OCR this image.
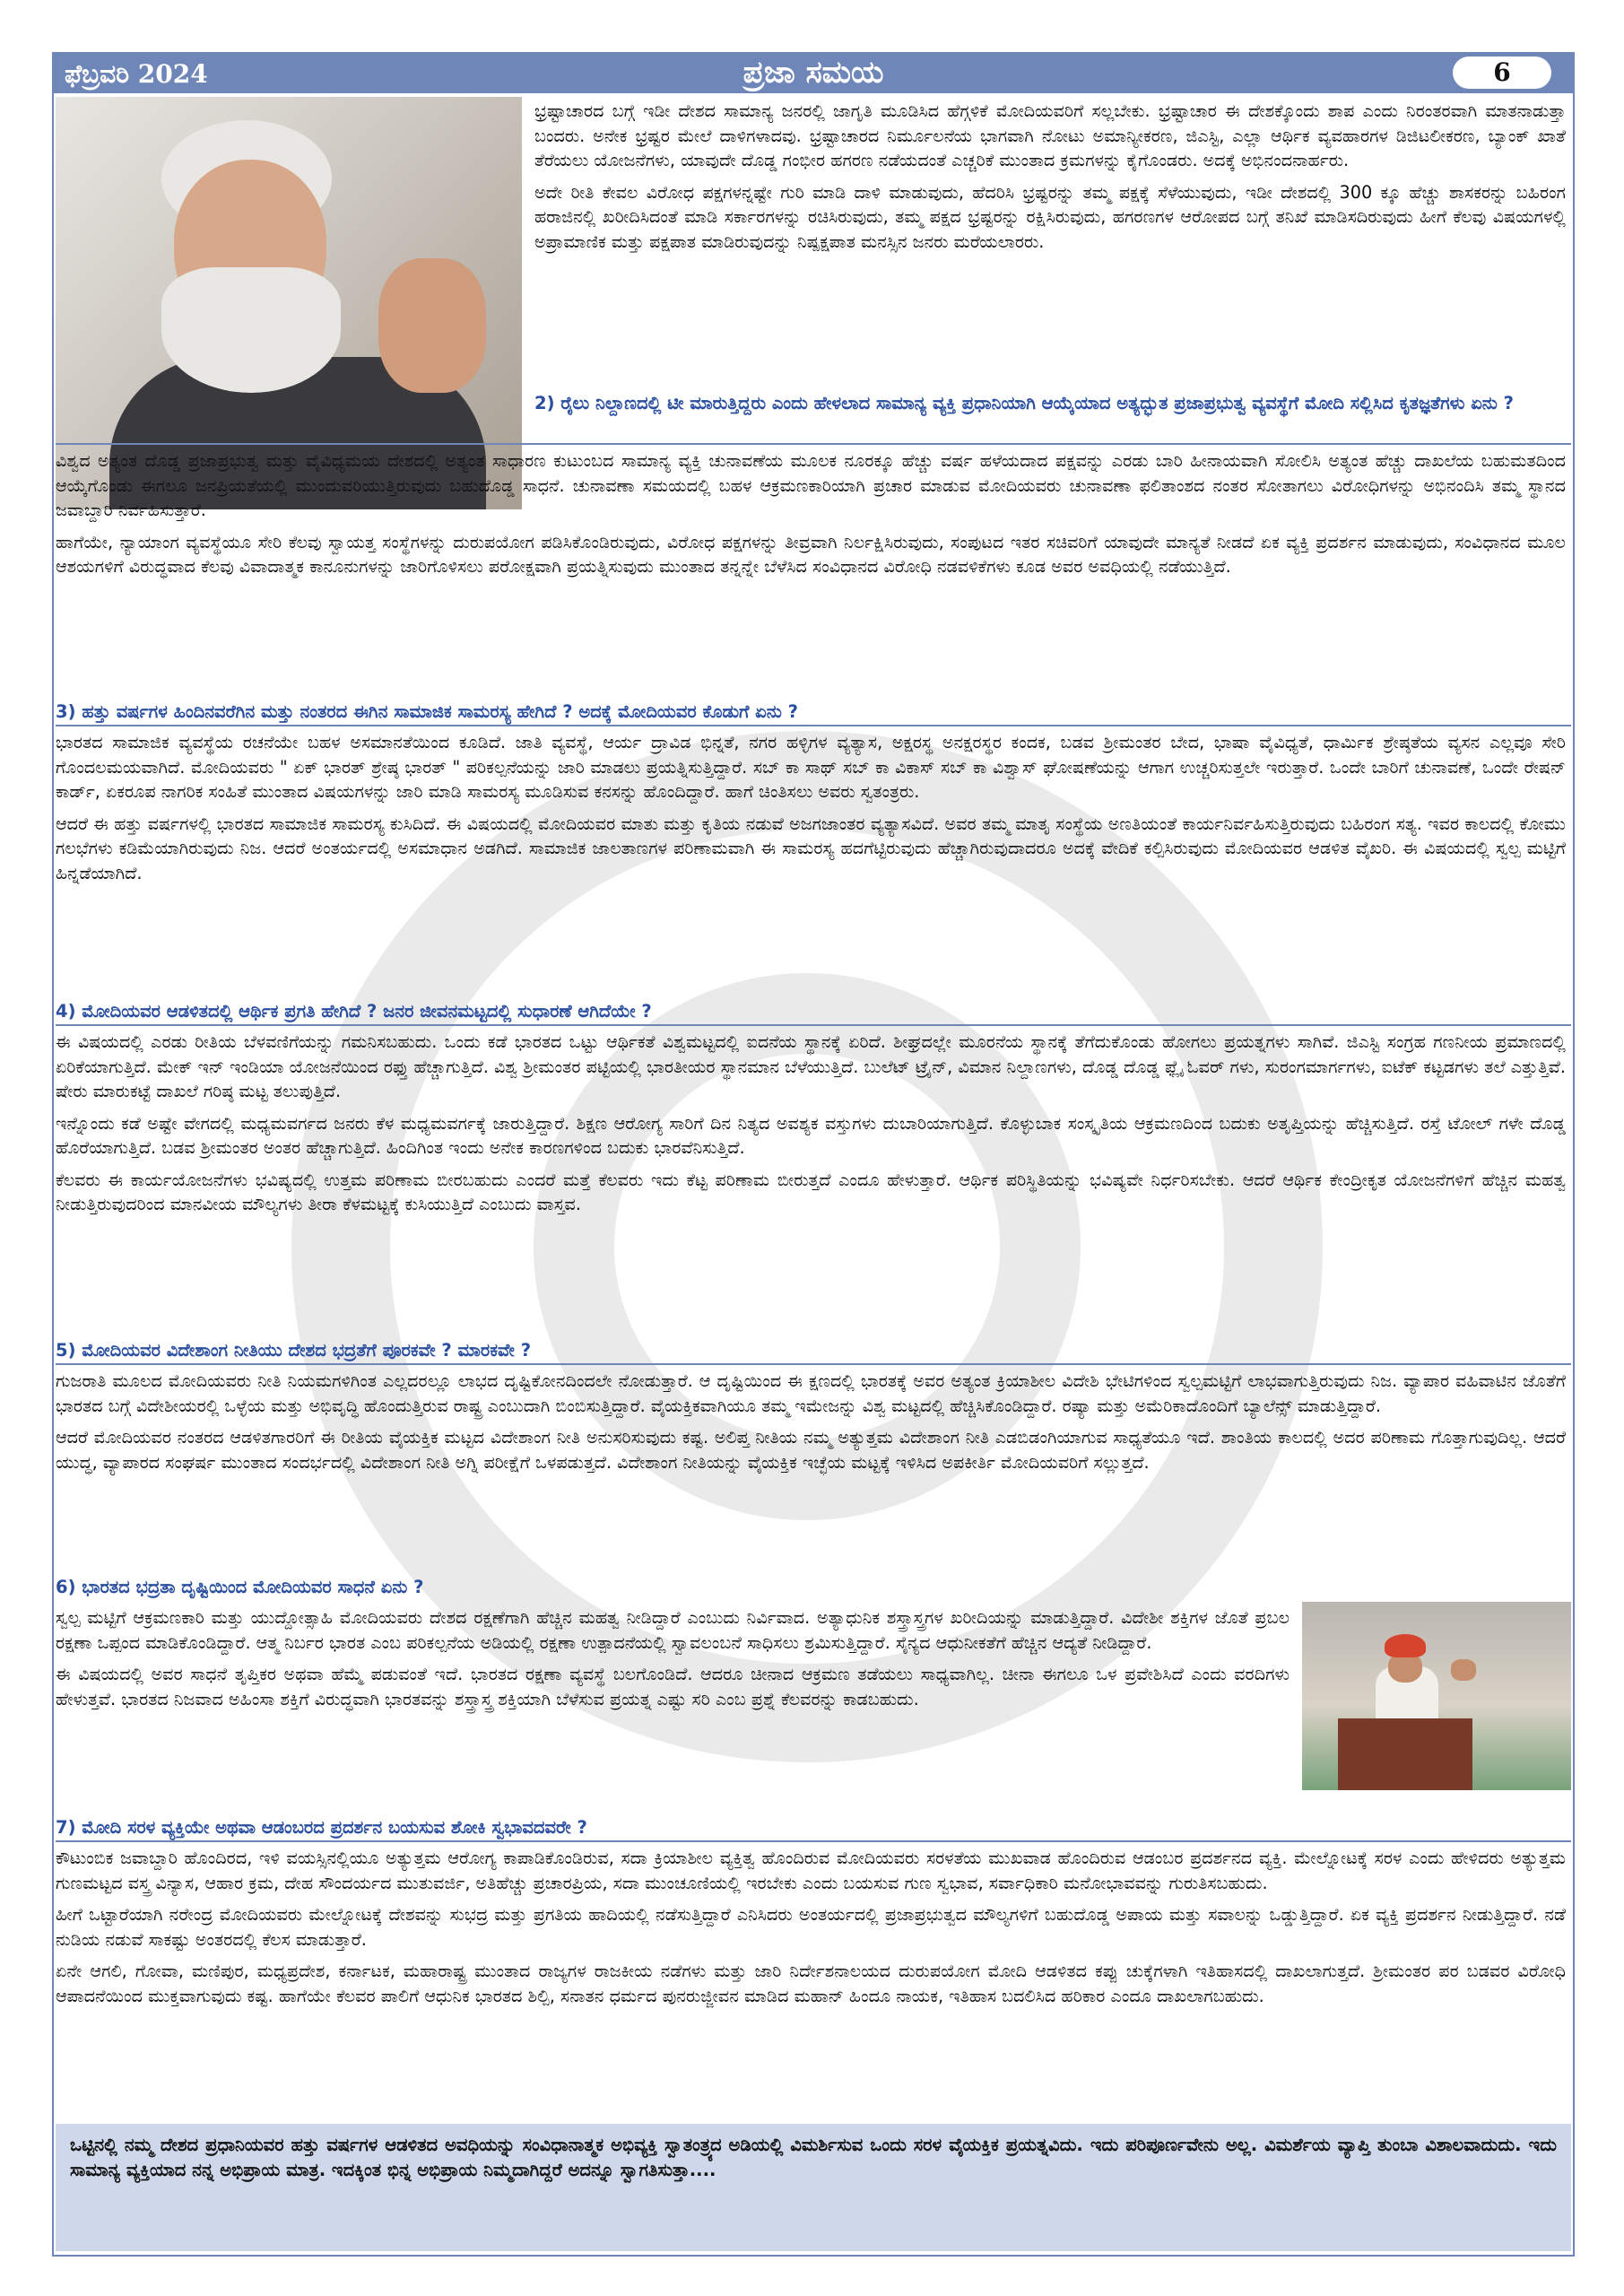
ಫೆಬ್ರವರಿ 2024	ಪ್ರಜಾ ಸಮಯ	6

ಭ್ರಷ್ಟಾಚಾರದ ಬಗ್ಗೆ ಇಡೀ ದೇಶದ ಸಾಮಾನ್ಯ ಜನರಲ್ಲಿ ಜಾಗೃತಿ ಮೂಡಿಸಿದ ಹೆಗ್ಗಳಿಕೆ ಮೋದಿಯವರಿಗೆ ಸಲ್ಲಬೇಕು. ಭ್ರಷ್ಟಾಚಾರ ಈ ದೇಶಕ್ಕೊಂದು ಶಾಪ ಎಂದು ನಿರಂತರವಾಗಿ ಮಾತನಾಡುತ್ತಾ ಬಂದರು. ಅನೇಕ ಭ್ರಷ್ಟರ ಮೇಲೆ ದಾಳಿಗಳಾದವು. ಭ್ರಷ್ಟಾಚಾರದ ನಿರ್ಮೂಲನೆಯ ಭಾಗವಾಗಿ ನೋಟು ಅಮಾನ್ಯೀಕರಣ, ಜಿಎಸ್ಟಿ, ಎಲ್ಲಾ ಆರ್ಥಿಕ ವ್ಯವಹಾರಗಳ ಡಿಜಿಟಲೀಕರಣ, ಬ್ಯಾಂಕ್ ಖಾತೆ ತೆರೆಯಲು ಯೋಜನೆಗಳು, ಯಾವುದೇ ದೊಡ್ಡ ಗಂಭೀರ ಹಗರಣ ನಡೆಯದಂತೆ ಎಚ್ಚರಿಕೆ ಮುಂತಾದ ಕ್ರಮಗಳನ್ನು ಕೈಗೊಂಡರು. ಅದಕ್ಕೆ ಅಭಿನಂದನಾರ್ಹರು.

ಅದೇ ರೀತಿ ಕೇವಲ ವಿರೋಧ ಪಕ್ಷಗಳನ್ನಷ್ಟೇ ಗುರಿ ಮಾಡಿ ದಾಳಿ ಮಾಡುವುದು, ಹೆದರಿಸಿ ಭ್ರಷ್ಟರನ್ನು ತಮ್ಮ ಪಕ್ಷಕ್ಕೆ ಸೆಳೆಯುವುದು, ಇಡೀ ದೇಶದಲ್ಲಿ 300 ಕ್ಕೂ ಹೆಚ್ಚು ಶಾಸಕರನ್ನು ಬಹಿರಂಗ ಹರಾಜಿನಲ್ಲಿ ಖರೀದಿಸಿದಂತೆ ಮಾಡಿ ಸರ್ಕಾರಗಳನ್ನು ರಚಿಸಿರುವುದು, ತಮ್ಮ ಪಕ್ಷದ ಭ್ರಷ್ಟರನ್ನು ರಕ್ಷಿಸಿರುವುದು, ಹಗರಣಗಳ ಆರೋಪದ ಬಗ್ಗೆ ತನಿಖೆ ಮಾಡಿಸದಿರುವುದು ಹೀಗೆ ಕೆಲವು ವಿಷಯಗಳಲ್ಲಿ ಅಪ್ರಾಮಾಣಿಕ ಮತ್ತು ಪಕ್ಷಪಾತ ಮಾಡಿರುವುದನ್ನು ನಿಷ್ಪಕ್ಷಪಾತ ಮನಸ್ಸಿನ ಜನರು ಮರೆಯಲಾರರು.

2) ರೈಲು ನಿಲ್ದಾಣದಲ್ಲಿ ಟೀ ಮಾರುತ್ತಿದ್ದರು ಎಂದು ಹೇಳಲಾದ ಸಾಮಾನ್ಯ ವ್ಯಕ್ತಿ ಪ್ರಧಾನಿಯಾಗಿ ಆಯ್ಕೆಯಾದ ಅತ್ಯದ್ಭುತ ಪ್ರಜಾಪ್ರಭುತ್ವ ವ್ಯವಸ್ಥೆಗೆ ಮೋದಿ ಸಲ್ಲಿಸಿದ ಕೃತಜ್ಞತೆಗಳು ಏನು ?

ವಿಶ್ವದ ಅತ್ಯಂತ ದೊಡ್ಡ ಪ್ರಜಾಪ್ರಭುತ್ವ ಮತ್ತು ವೈವಿಧ್ಯಮಯ ದೇಶದಲ್ಲಿ ಅತ್ಯಂತ ಸಾಧಾರಣ ಕುಟುಂಬದ ಸಾಮಾನ್ಯ ವ್ಯಕ್ತಿ ಚುನಾವಣೆಯ ಮೂಲಕ ನೂರಕ್ಕೂ ಹೆಚ್ಚು ವರ್ಷ ಹಳೆಯದಾದ ಪಕ್ಷವನ್ನು ಎರಡು ಬಾರಿ ಹೀನಾಯವಾಗಿ ಸೋಲಿಸಿ ಅತ್ಯಂತ ಹೆಚ್ಚು ದಾಖಲೆಯ ಬಹುಮತದಿಂದ ಆಯ್ಕೆಗೊಂಡು ಈಗಲೂ ಜನಪ್ರಿಯತೆಯಲ್ಲಿ ಮುಂದುವರಿಯುತ್ತಿರುವುದು ಬಹುದೊಡ್ಡ ಸಾಧನೆ. ಚುನಾವಣಾ ಸಮಯದಲ್ಲಿ ಬಹಳ ಆಕ್ರಮಣಕಾರಿಯಾಗಿ ಪ್ರಚಾರ ಮಾಡುವ ಮೋದಿಯವರು ಚುನಾವಣಾ ಫಲಿತಾಂಶದ ನಂತರ ಸೋತಾಗಲು ವಿರೋಧಿಗಳನ್ನು ಅಭಿನಂದಿಸಿ ತಮ್ಮ ಸ್ಥಾನದ ಜವಾಬ್ದಾರಿ ನಿರ್ವಹಿಸುತ್ತಾರೆ.

ಹಾಗೆಯೇ, ನ್ಯಾಯಾಂಗ ವ್ಯವಸ್ಥೆಯೂ ಸೇರಿ ಕೆಲವು ಸ್ವಾಯತ್ತ ಸಂಸ್ಥೆಗಳನ್ನು ದುರುಪಯೋಗ ಪಡಿಸಿಕೊಂಡಿರುವುದು, ವಿರೋಧ ಪಕ್ಷಗಳನ್ನು ತೀವ್ರವಾಗಿ ನಿರ್ಲಕ್ಷಿಸಿರುವುದು, ಸಂಪುಟದ ಇತರ ಸಚಿವರಿಗೆ ಯಾವುದೇ ಮಾನ್ಯತೆ ನೀಡದೆ ಏಕ ವ್ಯಕ್ತಿ ಪ್ರದರ್ಶನ ಮಾಡುವುದು, ಸಂವಿಧಾನದ ಮೂಲ ಆಶಯಗಳಿಗೆ ವಿರುದ್ಧವಾದ ಕೆಲವು ವಿವಾದಾತ್ಮಕ ಕಾನೂನುಗಳನ್ನು ಜಾರಿಗೊಳಿಸಲು ಪರೋಕ್ಷವಾಗಿ ಪ್ರಯತ್ನಿಸುವುದು ಮುಂತಾದ ತನ್ನನ್ನೇ ಬೆಳೆಸಿದ ಸಂವಿಧಾನದ ವಿರೋಧಿ ನಡವಳಿಕೆಗಳು ಕೂಡ ಅವರ ಅವಧಿಯಲ್ಲಿ ನಡೆಯುತ್ತಿದೆ.

3) ಹತ್ತು ವರ್ಷಗಳ ಹಿಂದಿನವರೆಗಿನ ಮತ್ತು ನಂತರದ ಈಗಿನ ಸಾಮಾಜಿಕ ಸಾಮರಸ್ಯ ಹೇಗಿದೆ ? ಅದಕ್ಕೆ ಮೋದಿಯವರ ಕೊಡುಗೆ ಏನು ?

ಭಾರತದ ಸಾಮಾಜಿಕ ವ್ಯವಸ್ಥೆಯ ರಚನೆಯೇ ಬಹಳ ಅಸಮಾನತೆಯಿಂದ ಕೂಡಿದೆ. ಜಾತಿ ವ್ಯವಸ್ಥೆ, ಆರ್ಯ ದ್ರಾವಿಡ ಭಿನ್ನತೆ, ನಗರ ಹಳ್ಳಿಗಳ ವ್ಯತ್ಯಾಸ, ಅಕ್ಷರಸ್ಥ ಅನಕ್ಷರಸ್ಥರ ಕಂದಕ, ಬಡವ ಶ್ರೀಮಂತರ ಬೇದ, ಭಾಷಾ ವೈವಿಧ್ಯತೆ, ಧಾರ್ಮಿಕ ಶ್ರೇಷ್ಠತೆಯ ವ್ಯಸನ ಎಲ್ಲವೂ ಸೇರಿ ಗೊಂದಲಮಯವಾಗಿದೆ. ಮೋದಿಯವರು " ಏಕ್ ಭಾರತ್ ಶ್ರೇಷ್ಠ ಭಾರತ್ " ಪರಿಕಲ್ಪನೆಯನ್ನು ಜಾರಿ ಮಾಡಲು ಪ್ರಯತ್ನಿಸುತ್ತಿದ್ದಾರೆ. ಸಬ್ ಕಾ ಸಾಥ್ ಸಬ್ ಕಾ ವಿಕಾಸ್ ಸಬ್ ಕಾ ವಿಶ್ವಾಸ್ ಘೋಷಣೆಯನ್ನು ಆಗಾಗ ಉಚ್ಚರಿಸುತ್ತಲೇ ಇರುತ್ತಾರೆ. ಒಂದೇ ಬಾರಿಗೆ ಚುನಾವಣೆ, ಒಂದೇ ರೇಷನ್ ಕಾರ್ಡ್, ಏಕರೂಪ ನಾಗರಿಕ ಸಂಹಿತೆ ಮುಂತಾದ ವಿಷಯಗಳನ್ನು ಜಾರಿ ಮಾಡಿ ಸಾಮರಸ್ಯ ಮೂಡಿಸುವ ಕನಸನ್ನು ಹೊಂದಿದ್ದಾರೆ. ಹಾಗೆ ಚಿಂತಿಸಲು ಅವರು ಸ್ವತಂತ್ರರು.

ಆದರೆ ಈ ಹತ್ತು ವರ್ಷಗಳಲ್ಲಿ ಭಾರತದ ಸಾಮಾಜಿಕ ಸಾಮರಸ್ಯ ಕುಸಿದಿದೆ. ಈ ವಿಷಯದಲ್ಲಿ ಮೋದಿಯವರ ಮಾತು ಮತ್ತು ಕೃತಿಯ ನಡುವೆ ಅಜಗಜಾಂತರ ವ್ಯತ್ಯಾಸವಿದೆ. ಅವರ ತಮ್ಮ ಮಾತೃ ಸಂಸ್ಥೆಯ ಅಣತಿಯಂತೆ ಕಾರ್ಯನಿರ್ವಹಿಸುತ್ತಿರುವುದು ಬಹಿರಂಗ ಸತ್ಯ. ಇವರ ಕಾಲದಲ್ಲಿ ಕೋಮು ಗಲಭೆಗಳು ಕಡಿಮೆಯಾಗಿರುವುದು ನಿಜ. ಆದರೆ ಅಂತರ್ಯದಲ್ಲಿ ಅಸಮಾಧಾನ ಅಡಗಿದೆ. ಸಾಮಾಜಿಕ ಜಾಲತಾಣಗಳ ಪರಿಣಾಮವಾಗಿ ಈ ಸಾಮರಸ್ಯ ಹದಗೆಟ್ಟಿರುವುದು ಹೆಚ್ಚಾಗಿರುವುದಾದರೂ ಅದಕ್ಕೆ ವೇದಿಕೆ ಕಲ್ಪಿಸಿರುವುದು ಮೋದಿಯವರ ಆಡಳಿತ ವೈಖರಿ. ಈ ವಿಷಯದಲ್ಲಿ ಸ್ವಲ್ಪ ಮಟ್ಟಿಗೆ ಹಿನ್ನಡೆಯಾಗಿದೆ.

4) ಮೋದಿಯವರ ಆಡಳಿತದಲ್ಲಿ ಆರ್ಥಿಕ ಪ್ರಗತಿ ಹೇಗಿದೆ ? ಜನರ ಜೀವನಮಟ್ಟದಲ್ಲಿ ಸುಧಾರಣೆ ಆಗಿದೆಯೇ ?

ಈ ವಿಷಯದಲ್ಲಿ ಎರಡು ರೀತಿಯ ಬೆಳವಣಿಗೆಯನ್ನು ಗಮನಿಸಬಹುದು. ಒಂದು ಕಡೆ ಭಾರತದ ಒಟ್ಟು ಆರ್ಥಿಕತೆ ವಿಶ್ವಮಟ್ಟದಲ್ಲಿ ಐದನೆಯ ಸ್ಥಾನಕ್ಕೆ ಏರಿದೆ. ಶೀಘ್ರದಲ್ಲೇ ಮೂರನೆಯ ಸ್ಥಾನಕ್ಕೆ ತೆಗೆದುಕೊಂಡು ಹೋಗಲು ಪ್ರಯತ್ನಗಳು ಸಾಗಿವೆ. ಜಿಎಸ್ಟಿ ಸಂಗ್ರಹ ಗಣನೀಯ ಪ್ರಮಾಣದಲ್ಲಿ ಏರಿಕೆಯಾಗುತ್ತಿದೆ. ಮೇಕ್ ಇನ್ ಇಂಡಿಯಾ ಯೋಜನೆಯಿಂದ ರಫ್ತು ಹೆಚ್ಚಾಗುತ್ತಿದೆ. ವಿಶ್ವ ಶ್ರೀಮಂತರ ಪಟ್ಟಿಯಲ್ಲಿ ಭಾರತೀಯರ ಸ್ಥಾನಮಾನ ಬೆಳೆಯುತ್ತಿದೆ. ಬುಲೆಟ್ ಟ್ರೈನ್, ವಿಮಾನ ನಿಲ್ದಾಣಗಳು, ದೊಡ್ಡ ದೊಡ್ಡ ಫ್ಲೈ ಓವರ್ ಗಳು, ಸುರಂಗಮಾರ್ಗಗಳು, ಐಟೆಕ್ ಕಟ್ಟಡಗಳು ತಲೆ ಎತ್ತುತ್ತಿವೆ. ಷೇರು ಮಾರುಕಟ್ಟೆ ದಾಖಲೆ ಗರಿಷ್ಠ ಮಟ್ಟ ತಲುಪುತ್ತಿದೆ.

ಇನ್ನೊಂದು ಕಡೆ ಅಷ್ಟೇ ವೇಗದಲ್ಲಿ ಮಧ್ಯಮವರ್ಗದ ಜನರು ಕೆಳ ಮಧ್ಯಮವರ್ಗಕ್ಕೆ ಜಾರುತ್ತಿದ್ದಾರೆ. ಶಿಕ್ಷಣ ಆರೋಗ್ಯ ಸಾರಿಗೆ ದಿನ ನಿತ್ಯದ ಅವಶ್ಯಕ ವಸ್ತುಗಳು ದುಬಾರಿಯಾಗುತ್ತಿದೆ. ಕೊಳ್ಳುಬಾಕ ಸಂಸ್ಕೃತಿಯ ಆಕ್ರಮಣದಿಂದ ಬದುಕು ಅತೃಪ್ತಿಯನ್ನು ಹೆಚ್ಚಿಸುತ್ತಿದೆ. ರಸ್ತೆ ಟೋಲ್ ಗಳೇ ದೊಡ್ಡ ಹೊರೆಯಾಗುತ್ತಿದೆ. ಬಡವ ಶ್ರೀಮಂತರ ಅಂತರ ಹೆಚ್ಚಾಗುತ್ತಿದೆ. ಹಿಂದಿಗಿಂತ ಇಂದು ಅನೇಕ ಕಾರಣಗಳಿಂದ ಬದುಕು ಭಾರವೆನಿಸುತ್ತಿದೆ.

ಕೆಲವರು ಈ ಕಾರ್ಯಯೋಜನೆಗಳು ಭವಿಷ್ಯದಲ್ಲಿ ಉತ್ತಮ ಪರಿಣಾಮ ಬೀರಬಹುದು ಎಂದರೆ ಮತ್ತೆ ಕೆಲವರು ಇದು ಕೆಟ್ಟ ಪರಿಣಾಮ ಬೀರುತ್ತದೆ ಎಂದೂ ಹೇಳುತ್ತಾರೆ. ಆರ್ಥಿಕ ಪರಿಸ್ಥಿತಿಯನ್ನು ಭವಿಷ್ಯವೇ ನಿರ್ಧರಿಸಬೇಕು. ಆದರೆ ಆರ್ಥಿಕ ಕೇಂದ್ರೀಕೃತ ಯೋಜನೆಗಳಿಗೆ ಹೆಚ್ಚಿನ ಮಹತ್ವ ನೀಡುತ್ತಿರುವುದರಿಂದ ಮಾನವೀಯ ಮೌಲ್ಯಗಳು ತೀರಾ ಕೆಳಮಟ್ಟಕ್ಕೆ ಕುಸಿಯುತ್ತಿದೆ ಎಂಬುದು ವಾಸ್ತವ.

5) ಮೋದಿಯವರ ವಿದೇಶಾಂಗ ನೀತಿಯು ದೇಶದ ಭದ್ರತೆಗೆ ಪೂರಕವೇ ? ಮಾರಕವೇ ?

ಗುಜರಾತಿ ಮೂಲದ ಮೋದಿಯವರು ನೀತಿ ನಿಯಮಗಳಿಗಿಂತ ಎಲ್ಲದರಲ್ಲೂ ಲಾಭದ ದೃಷ್ಟಿಕೋನದಿಂದಲೇ ನೋಡುತ್ತಾರೆ. ಆ ದೃಷ್ಟಿಯಿಂದ ಈ ಕ್ಷಣದಲ್ಲಿ ಭಾರತಕ್ಕೆ ಅವರ ಅತ್ಯಂತ ಕ್ರಿಯಾಶೀಲ ವಿದೇಶಿ ಭೇಟಿಗಳಿಂದ ಸ್ವಲ್ಪಮಟ್ಟಿಗೆ ಲಾಭವಾಗುತ್ತಿರುವುದು ನಿಜ. ವ್ಯಾಪಾರ ವಹಿವಾಟಿನ ಜೊತೆಗೆ ಭಾರತದ ಬಗ್ಗೆ ವಿದೇಶೀಯರಲ್ಲಿ ಒಳ್ಳೆಯ ಮತ್ತು ಅಭಿವೃದ್ಧಿ ಹೊಂದುತ್ತಿರುವ ರಾಷ್ಟ್ರ ಎಂಬುದಾಗಿ ಬಿಂಬಿಸುತ್ತಿದ್ದಾರೆ. ವೈಯಕ್ತಿಕವಾಗಿಯೂ ತಮ್ಮ ಇಮೇಜನ್ನು ವಿಶ್ವ ಮಟ್ಟದಲ್ಲಿ ಹೆಚ್ಚಿಸಿಕೊಂಡಿದ್ದಾರೆ. ರಷ್ಯಾ ಮತ್ತು ಅಮೆರಿಕಾದೊಂದಿಗೆ ಬ್ಯಾಲೆನ್ಸ್ ಮಾಡುತ್ತಿದ್ದಾರೆ.

ಆದರೆ ಮೋದಿಯವರ ನಂತರದ ಆಡಳಿತಗಾರರಿಗೆ ಈ ರೀತಿಯ ವೈಯಕ್ತಿಕ ಮಟ್ಟದ ವಿದೇಶಾಂಗ ನೀತಿ ಅನುಸರಿಸುವುದು ಕಷ್ಟ. ಅಲಿಪ್ತ ನೀತಿಯ ನಮ್ಮ ಅತ್ಯುತ್ತಮ ವಿದೇಶಾಂಗ ನೀತಿ ಎಡಬಿಡಂಗಿಯಾಗುವ ಸಾಧ್ಯತೆಯೂ ಇದೆ. ಶಾಂತಿಯ ಕಾಲದಲ್ಲಿ ಅದರ ಪರಿಣಾಮ ಗೊತ್ತಾಗುವುದಿಲ್ಲ. ಆದರೆ ಯುದ್ಧ, ವ್ಯಾಪಾರದ ಸಂಘರ್ಷ ಮುಂತಾದ ಸಂದರ್ಭದಲ್ಲಿ ವಿದೇಶಾಂಗ ನೀತಿ ಅಗ್ನಿ ಪರೀಕ್ಷೆಗೆ ಒಳಪಡುತ್ತದೆ. ವಿದೇಶಾಂಗ ನೀತಿಯನ್ನು ವೈಯಕ್ತಿಕ ಇಚ್ಛೆಯ ಮಟ್ಟಕ್ಕೆ ಇಳಿಸಿದ ಅಪಕೀರ್ತಿ ಮೋದಿಯವರಿಗೆ ಸಲ್ಲುತ್ತದೆ.

6) ಭಾರತದ ಭದ್ರತಾ ದೃಷ್ಟಿಯಿಂದ ಮೋದಿಯವರ ಸಾಧನೆ ಏನು ?

ಸ್ವಲ್ಪ ಮಟ್ಟಿಗೆ ಆಕ್ರಮಣಕಾರಿ ಮತ್ತು ಯುದ್ದೋತ್ಸಾಹಿ ಮೋದಿಯವರು ದೇಶದ ರಕ್ಷಣೆಗಾಗಿ ಹೆಚ್ಚಿನ ಮಹತ್ವ ನೀಡಿದ್ದಾರೆ ಎಂಬುದು ನಿರ್ವಿವಾದ. ಅತ್ಯಾಧುನಿಕ ಶಸ್ತ್ರಾಸ್ತ್ರಗಳ ಖರೀದಿಯನ್ನು ಮಾಡುತ್ತಿದ್ದಾರೆ. ವಿದೇಶೀ ಶಕ್ತಿಗಳ ಜೊತೆ ಪ್ರಬಲ ರಕ್ಷಣಾ ಒಪ್ಪಂದ ಮಾಡಿಕೊಂಡಿದ್ದಾರೆ. ಆತ್ಮ ನಿರ್ಬರ ಭಾರತ ಎಂಬ ಪರಿಕಲ್ಪನೆಯ ಅಡಿಯಲ್ಲಿ ರಕ್ಷಣಾ ಉತ್ಪಾದನೆಯಲ್ಲಿ ಸ್ವಾವಲಂಬನೆ ಸಾಧಿಸಲು ಶ್ರಮಿಸುತ್ತಿದ್ದಾರೆ. ಸೈನ್ಯದ ಆಧುನೀಕತೆಗೆ ಹೆಚ್ಚಿನ ಆದ್ಯತೆ ನೀಡಿದ್ದಾರೆ.

ಈ ವಿಷಯದಲ್ಲಿ ಅವರ ಸಾಧನೆ ತೃಪ್ತಿಕರ ಅಥವಾ ಹೆಮ್ಮೆ ಪಡುವಂತೆ ಇದೆ. ಭಾರತದ ರಕ್ಷಣಾ ವ್ಯವಸ್ಥೆ ಬಲಗೊಂಡಿದೆ. ಆದರೂ ಚೀನಾದ ಆಕ್ರಮಣ ತಡೆಯಲು ಸಾಧ್ಯವಾಗಿಲ್ಲ. ಚೀನಾ ಈಗಲೂ ಒಳ ಪ್ರವೇಶಿಸಿದೆ ಎಂದು ವರದಿಗಳು ಹೇಳುತ್ತವೆ. ಭಾರತದ ನಿಜವಾದ ಅಹಿಂಸಾ ಶಕ್ತಿಗೆ ವಿರುದ್ಧವಾಗಿ ಭಾರತವನ್ನು ಶಸ್ತ್ರಾಸ್ತ್ರ ಶಕ್ತಿಯಾಗಿ ಬೆಳೆಸುವ ಪ್ರಯತ್ನ ಎಷ್ಟು ಸರಿ ಎಂಬ ಪ್ರಶ್ನೆ ಕೆಲವರನ್ನು ಕಾಡಬಹುದು.

7) ಮೋದಿ ಸರಳ ವ್ಯಕ್ತಿಯೇ ಅಥವಾ ಆಡಂಬರದ ಪ್ರದರ್ಶನ ಬಯಸುವ ಶೋಕಿ ಸ್ವಭಾವದವರೇ ?

ಕೌಟುಂಬಿಕ ಜವಾಬ್ದಾರಿ ಹೊಂದಿರದ, ಇಳಿ ವಯಸ್ಸಿನಲ್ಲಿಯೂ ಅತ್ಯುತ್ತಮ ಆರೋಗ್ಯ ಕಾಪಾಡಿಕೊಂಡಿರುವ, ಸದಾ ಕ್ರಿಯಾಶೀಲ ವ್ಯಕ್ತಿತ್ವ ಹೊಂದಿರುವ ಮೋದಿಯವರು ಸರಳತೆಯ ಮುಖವಾಡ ಹೊಂದಿರುವ ಆಡಂಬರ ಪ್ರದರ್ಶನದ ವ್ಯಕ್ತಿ. ಮೇಲ್ನೋಟಕ್ಕೆ ಸರಳ ಎಂದು ಹೇಳಿದರು ಅತ್ಯುತ್ತಮ ಗುಣಮಟ್ಟದ ವಸ್ತ್ರ ವಿನ್ಯಾಸ, ಆಹಾರ ಕ್ರಮ, ದೇಹ ಸೌಂದರ್ಯದ ಮುತುವರ್ಜಿ, ಅತಿಹೆಚ್ಚು ಪ್ರಚಾರಪ್ರಿಯ, ಸದಾ ಮುಂಚೂಣಿಯಲ್ಲಿ ಇರಬೇಕು ಎಂದು ಬಯಸುವ ಗುಣ ಸ್ವಭಾವ, ಸರ್ವಾಧಿಕಾರಿ ಮನೋಭಾವವನ್ನು ಗುರುತಿಸಬಹುದು.

ಹೀಗೆ ಒಟ್ಟಾರೆಯಾಗಿ ನರೇಂದ್ರ ಮೋದಿಯವರು ಮೇಲ್ನೋಟಕ್ಕೆ ದೇಶವನ್ನು ಸುಭದ್ರ ಮತ್ತು ಪ್ರಗತಿಯ ಹಾದಿಯಲ್ಲಿ ನಡೆಸುತ್ತಿದ್ದಾರೆ ಎನಿಸಿದರು ಅಂತರ್ಯದಲ್ಲಿ ಪ್ರಜಾಪ್ರಭುತ್ವದ ಮೌಲ್ಯಗಳಿಗೆ ಬಹುದೊಡ್ಡ ಅಪಾಯ ಮತ್ತು ಸವಾಲನ್ನು ಒಡ್ಡುತ್ತಿದ್ದಾರೆ. ಏಕ ವ್ಯಕ್ತಿ ಪ್ರದರ್ಶನ ನೀಡುತ್ತಿದ್ದಾರೆ. ನಡೆ ನುಡಿಯ ನಡುವೆ ಸಾಕಷ್ಟು ಅಂತರದಲ್ಲಿ ಕೆಲಸ ಮಾಡುತ್ತಾರೆ.

ಏನೇ ಆಗಲಿ, ಗೋವಾ, ಮಣಿಪುರ, ಮಧ್ಯಪ್ರದೇಶ, ಕರ್ನಾಟಕ, ಮಹಾರಾಷ್ಟ್ರ ಮುಂತಾದ ರಾಜ್ಯಗಳ ರಾಜಕೀಯ ನಡೆಗಳು ಮತ್ತು ಜಾರಿ ನಿರ್ದೇಶನಾಲಯದ ದುರುಪಯೋಗ ಮೋದಿ ಆಡಳಿತದ ಕಪ್ಪು ಚುಕ್ಕೆಗಳಾಗಿ ಇತಿಹಾಸದಲ್ಲಿ ದಾಖಲಾಗುತ್ತದೆ. ಶ್ರೀಮಂತರ ಪರ ಬಡವರ ವಿರೋಧಿ ಆಪಾದನೆಯಿಂದ ಮುಕ್ತವಾಗುವುದು ಕಷ್ಟ. ಹಾಗೆಯೇ ಕೆಲವರ ಪಾಲಿಗೆ ಆಧುನಿಕ ಭಾರತದ ಶಿಲ್ಪಿ, ಸನಾತನ ಧರ್ಮದ ಪುನರುಜ್ಜೀವನ ಮಾಡಿದ ಮಹಾನ್ ಹಿಂದೂ ನಾಯಕ, ಇತಿಹಾಸ ಬದಲಿಸಿದ ಹರಿಕಾರ ಎಂದೂ ದಾಖಲಾಗಬಹುದು.

ಒಟ್ಟಿನಲ್ಲಿ ನಮ್ಮ ದೇಶದ ಪ್ರಧಾನಿಯವರ ಹತ್ತು ವರ್ಷಗಳ ಆಡಳಿತದ ಅವಧಿಯನ್ನು ಸಂವಿಧಾನಾತ್ಮಕ ಅಭಿವ್ಯಕ್ತಿ ಸ್ವಾತಂತ್ರ್ಯದ ಅಡಿಯಲ್ಲಿ ವಿಮರ್ಶಿಸುವ ಒಂದು ಸರಳ ವೈಯಕ್ತಿಕ ಪ್ರಯತ್ನವಿದು. ಇದು ಪರಿಪೂರ್ಣವೇನು ಅಲ್ಲ. ವಿಮರ್ಶೆಯ ವ್ಯಾಪ್ತಿ ತುಂಬಾ ವಿಶಾಲವಾದುದು. ಇದು ಸಾಮಾನ್ಯ ವ್ಯಕ್ತಿಯಾದ ನನ್ನ ಅಭಿಪ್ರಾಯ ಮಾತ್ರ. ಇದಕ್ಕಿಂತ ಭಿನ್ನ ಅಭಿಪ್ರಾಯ ನಿಮ್ಮದಾಗಿದ್ದರೆ ಅದನ್ನೂ ಸ್ವಾಗತಿಸುತ್ತಾ....
